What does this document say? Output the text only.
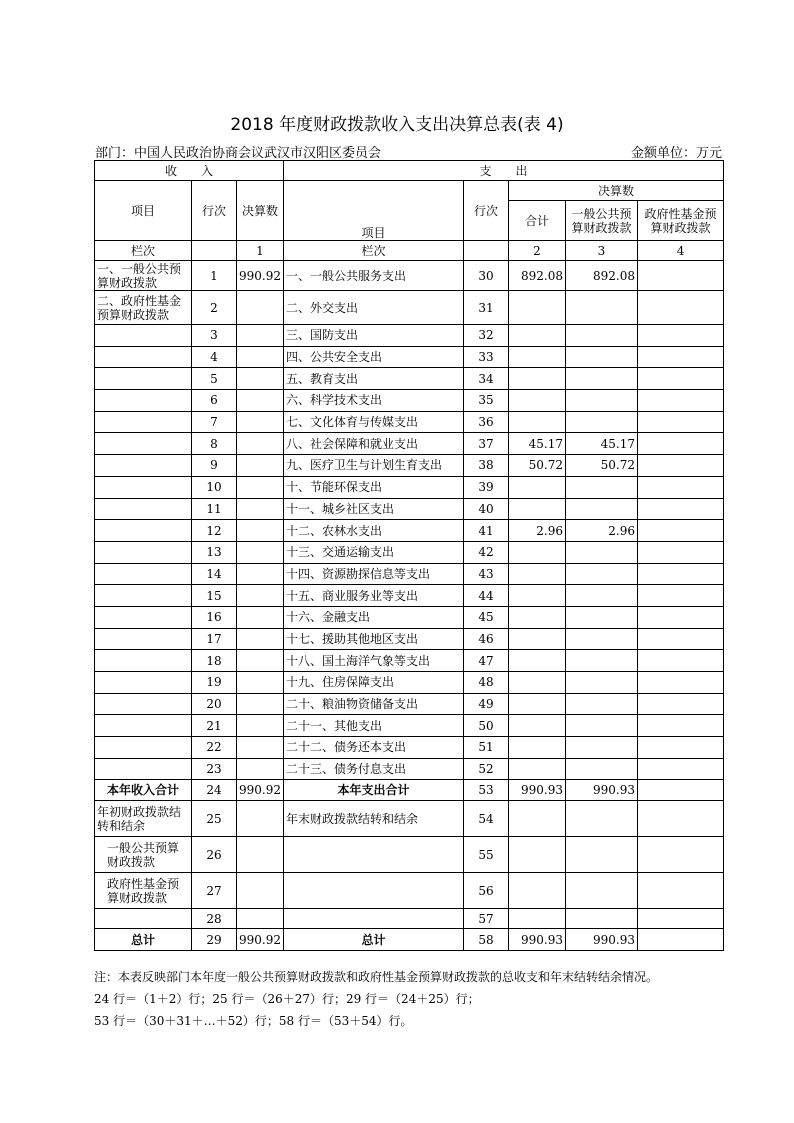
2018 年度财政拨款收入支出决算总表(表 4)
部门：中国人民政治协商会议武汉市汉阳区委员会	金额单位：万元
收　　入			支　　出				
项目	行次	决算数	项目	行次	决算数		
					合计	一般公共预算财政拨款	政府性基金预算财政拨款
栏次		1	栏次		2	3	4
一、一般公共预算财政拨款	1	990.92	一、一般公共服务支出	30	892.08	892.08	
二、政府性基金预算财政拨款	2		二、外交支出	31			
	3		三、国防支出	32			
	4		四、公共安全支出	33			
	5		五、教育支出	34			
	6		六、科学技术支出	35			
	7		七、文化体育与传媒支出	36			
	8		八、社会保障和就业支出	37	45.17	45.17	
	9		九、医疗卫生与计划生育支出	38	50.72	50.72	
	10		十、节能环保支出	39			
	11		十一、城乡社区支出	40			
	12		十二、农林水支出	41	2.96	2.96	
	13		十三、交通运输支出	42			
	14		十四、资源勘探信息等支出	43			
	15		十五、商业服务业等支出	44			
	16		十六、金融支出	45			
	17		十七、援助其他地区支出	46			
	18		十八、国土海洋气象等支出	47			
	19		十九、住房保障支出	48			
	20		二十、粮油物资储备支出	49			
	21		二十一、其他支出	50			
	22		二十二、债务还本支出	51			
	23		二十三、债务付息支出	52			
本年收入合计	24	990.92	本年支出合计	53	990.93	990.93	
年初财政拨款结转和结余	25		年末财政拨款结转和结余	54			
一般公共预算财政拨款	26			55			
政府性基金预算财政拨款	27			56			
	28			57			
总计	29	990.92	总计	58	990.93	990.93	
注：本表反映部门本年度一般公共预算财政拨款和政府性基金预算财政拨款的总收支和年末结转结余情况。
24 行＝（1＋2）行；25 行＝（26＋27）行；29 行＝（24＋25）行；
53 行＝（30＋31＋…＋52）行；58 行＝（53＋54）行。
